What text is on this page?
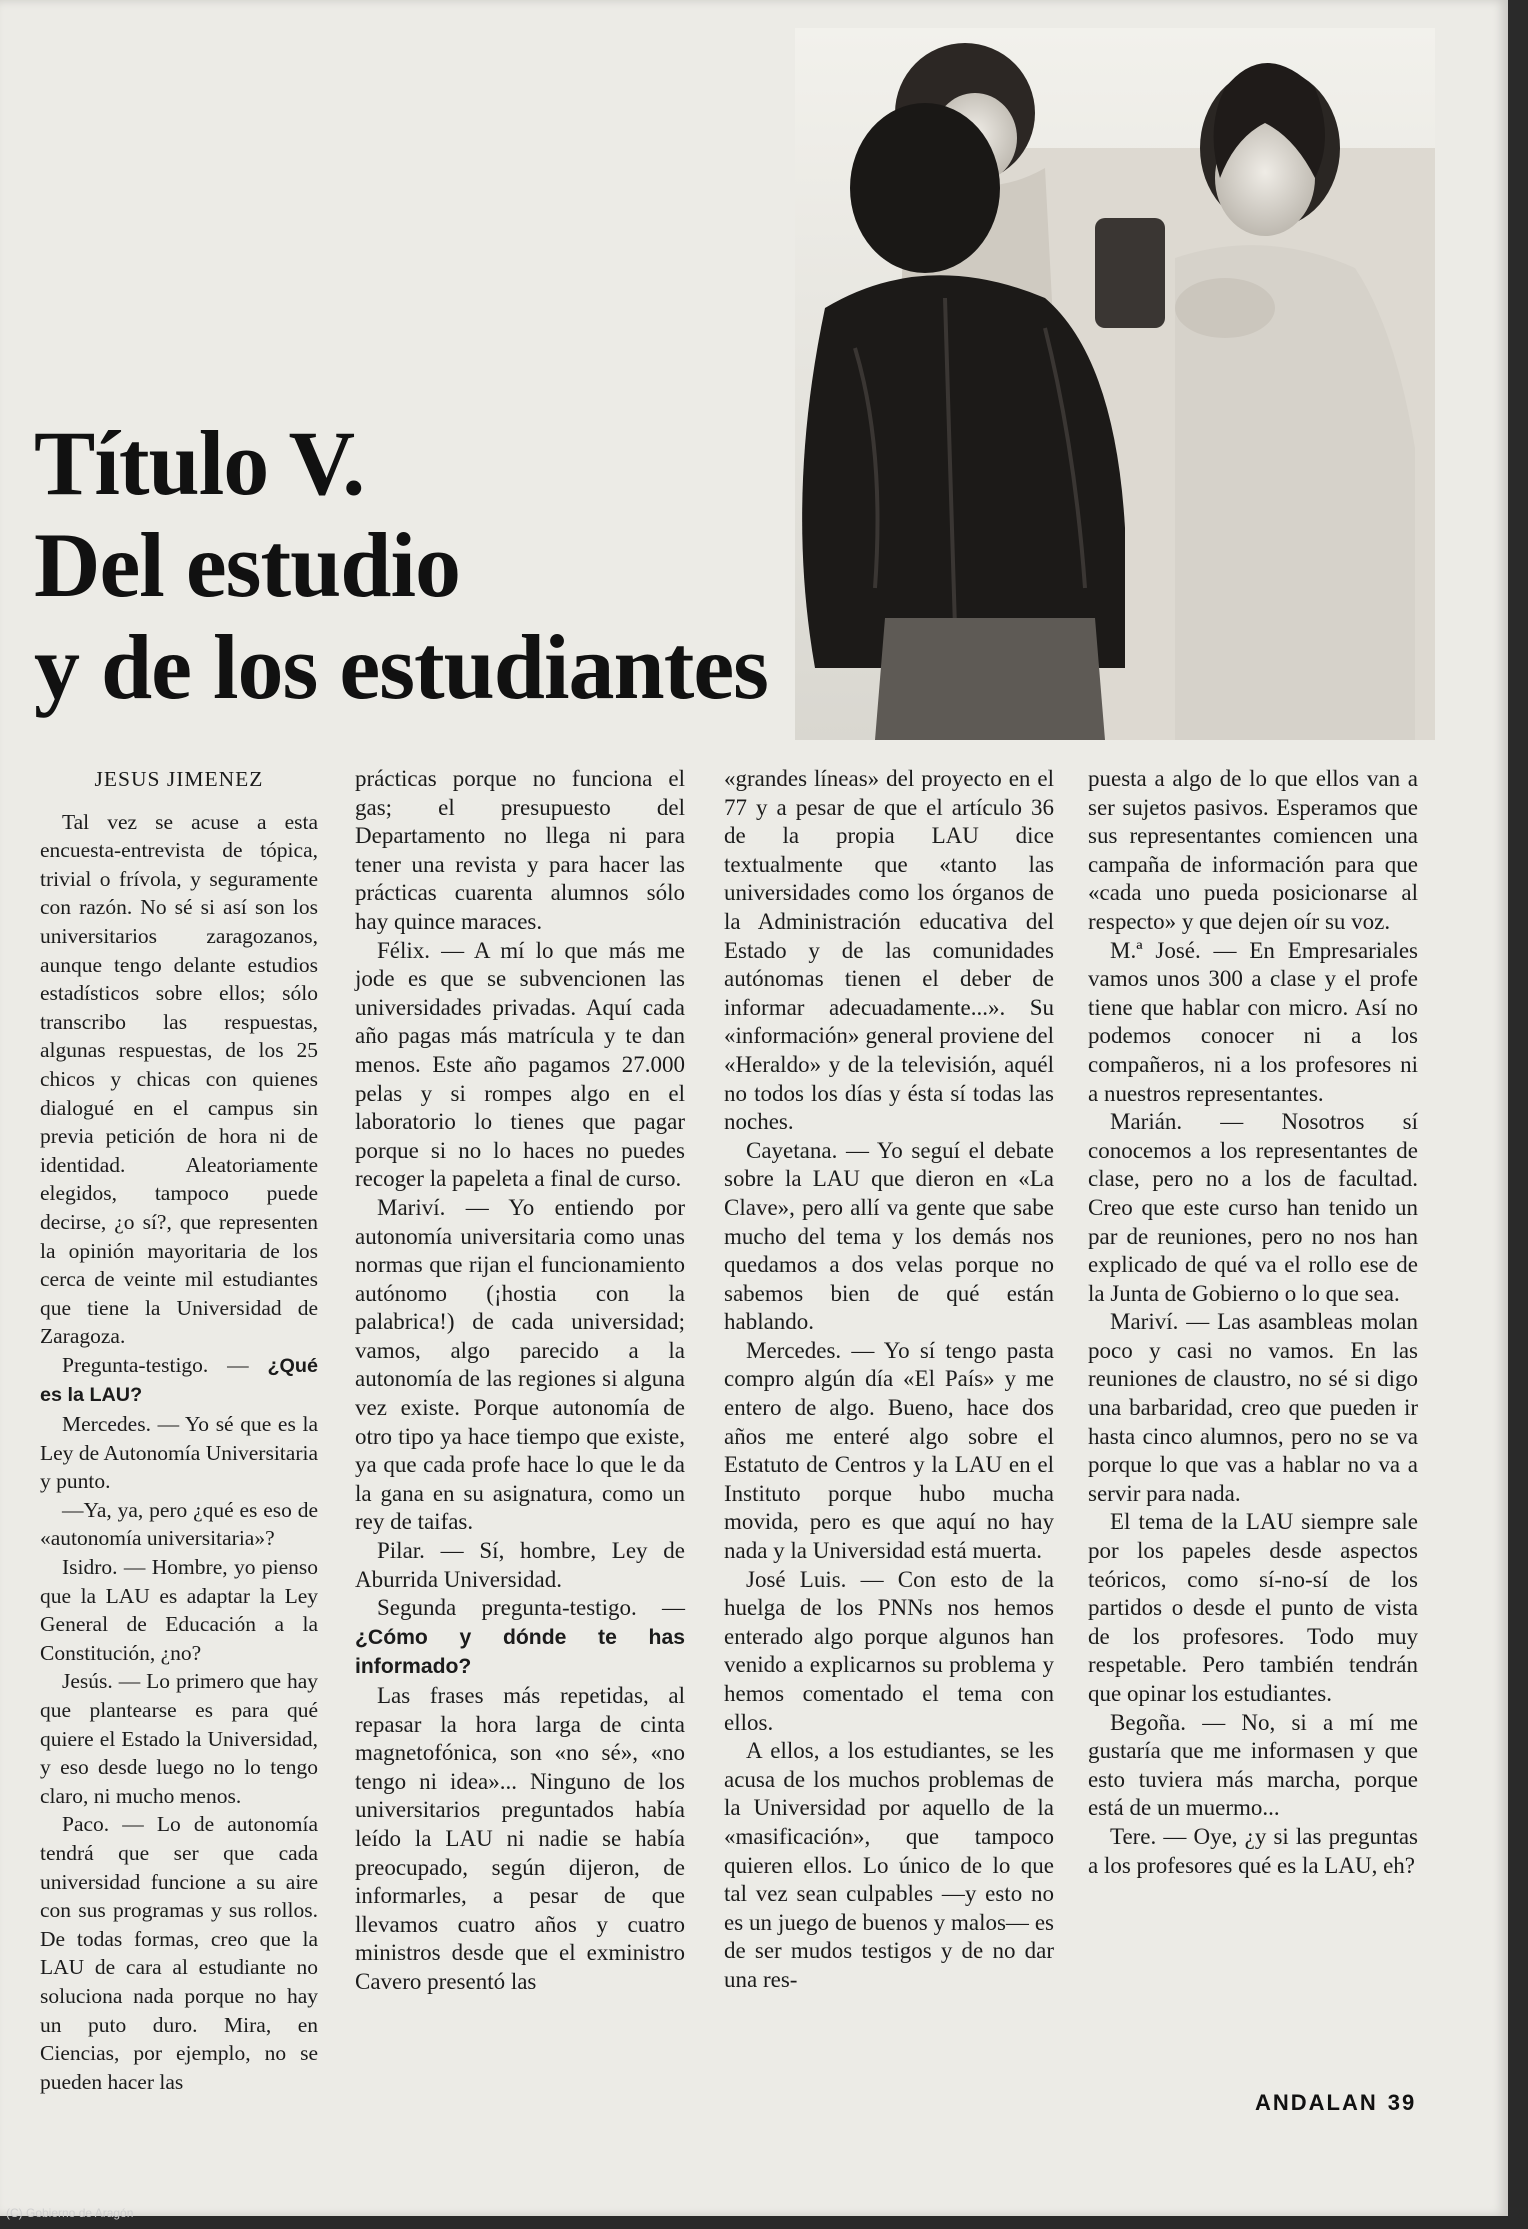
Título V.
Del estudio
y de los estudiantes

JESUS JIMENEZ

Tal vez se acuse a esta encuesta-entrevista de tópica, trivial o frívola, y seguramente con razón. No sé si así son los universitarios zaragozanos, aunque tengo delante estudios estadísticos sobre ellos; sólo transcribo las respuestas, algunas respuestas, de los 25 chicos y chicas con quienes dialogué en el campus sin previa petición de hora ni de identidad. Aleatoriamente elegidos, tampoco puede decirse, ¿o sí?, que representen la opinión mayoritaria de los cerca de veinte mil estudiantes que tiene la Universidad de Zaragoza.

Pregunta-testigo. — ¿Qué es la LAU?

Mercedes. — Yo sé que es la Ley de Autonomía Universitaria y punto.

—Ya, ya, pero ¿qué es eso de «autonomía universitaria»?

Isidro. — Hombre, yo pienso que la LAU es adaptar la Ley General de Educación a la Constitución, ¿no?

Jesús. — Lo primero que hay que plantearse es para qué quiere el Estado la Universidad, y eso desde luego no lo tengo claro, ni mucho menos.

Paco. — Lo de autonomía tendrá que ser que cada universidad funcione a su aire con sus programas y sus rollos. De todas formas, creo que la LAU de cara al estudiante no soluciona nada porque no hay un puto duro. Mira, en Ciencias, por ejemplo, no se pueden hacer las

prácticas porque no funciona el gas; el presupuesto del Departamento no llega ni para tener una revista y para hacer las prácticas cuarenta alumnos sólo hay quince maraces.

Félix. — A mí lo que más me jode es que se subvencionen las universidades privadas. Aquí cada año pagas más matrícula y te dan menos. Este año pagamos 27.000 pelas y si rompes algo en el laboratorio lo tienes que pagar porque si no lo haces no puedes recoger la papeleta a final de curso.

Mariví. — Yo entiendo por autonomía universitaria como unas normas que rijan el funcionamiento autónomo (¡hostia con la palabrica!) de cada universidad; vamos, algo parecido a la autonomía de las regiones si alguna vez existe. Porque autonomía de otro tipo ya hace tiempo que existe, ya que cada profe hace lo que le da la gana en su asignatura, como un rey de taifas.

Pilar. — Sí, hombre, Ley de Aburrida Universidad.

Segunda pregunta-testigo. — ¿Cómo y dónde te has informado?

Las frases más repetidas, al repasar la hora larga de cinta magnetofónica, son «no sé», «no tengo ni idea»... Ninguno de los universitarios preguntados había leído la LAU ni nadie se había preocupado, según dijeron, de informarles, a pesar de que llevamos cuatro años y cuatro ministros desde que el exministro Cavero presentó las

«grandes líneas» del proyecto en el 77 y a pesar de que el artículo 36 de la propia LAU dice textualmente que «tanto las universidades como los órganos de la Administración educativa del Estado y de las comunidades autónomas tienen el deber de informar adecuadamente...». Su «información» general proviene del «Heraldo» y de la televisión, aquél no todos los días y ésta sí todas las noches.

Cayetana. — Yo seguí el debate sobre la LAU que dieron en «La Clave», pero allí va gente que sabe mucho del tema y los demás nos quedamos a dos velas porque no sabemos bien de qué están hablando.

Mercedes. — Yo sí tengo pasta compro algún día «El País» y me entero de algo. Bueno, hace dos años me enteré algo sobre el Estatuto de Centros y la LAU en el Instituto porque hubo mucha movida, pero es que aquí no hay nada y la Universidad está muerta.

José Luis. — Con esto de la huelga de los PNNs nos hemos enterado algo porque algunos han venido a explicarnos su problema y hemos comentado el tema con ellos.

A ellos, a los estudiantes, se les acusa de los muchos problemas de la Universidad por aquello de la «masificación», que tampoco quieren ellos. Lo único de lo que tal vez sean culpables —y esto no es un juego de buenos y malos— es de ser mudos testigos y de no dar una res-

puesta a algo de lo que ellos van a ser sujetos pasivos. Esperamos que sus representantes comiencen una campaña de información para que «cada uno pueda posicionarse al respecto» y que dejen oír su voz.

M.ª José. — En Empresariales vamos unos 300 a clase y el profe tiene que hablar con micro. Así no podemos conocer ni a los compañeros, ni a los profesores ni a nuestros representantes.

Marián. — Nosotros sí conocemos a los representantes de clase, pero no a los de facultad. Creo que este curso han tenido un par de reuniones, pero no nos han explicado de qué va el rollo ese de la Junta de Gobierno o lo que sea.

Mariví. — Las asambleas molan poco y casi no vamos. En las reuniones de claustro, no sé si digo una barbaridad, creo que pueden ir hasta cinco alumnos, pero no se va porque lo que vas a hablar no va a servir para nada.

El tema de la LAU siempre sale por los papeles desde aspectos teóricos, como sí-no-sí de los partidos o desde el punto de vista de los profesores. Todo muy respetable. Pero también tendrán que opinar los estudiantes.

Begoña. — No, si a mí me gustaría que me informasen y que esto tuviera más marcha, porque está de un muermo...

Tere. — Oye, ¿y si las preguntas a los profesores qué es la LAU, eh?

ANDALAN 39
(C) Gobierno de Aragón
